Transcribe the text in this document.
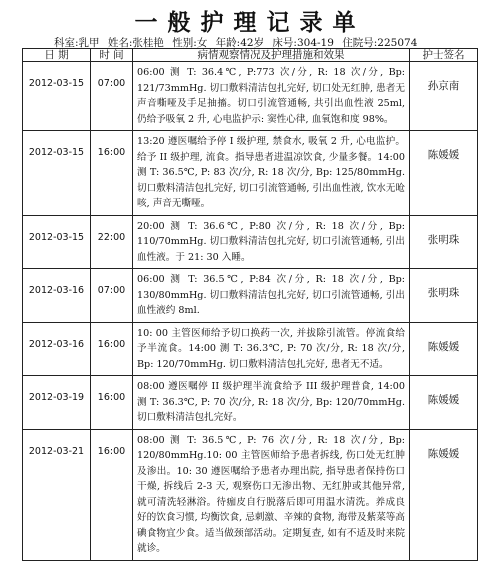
一般护理记录单
科室:乳甲 姓名:张桂艳 性别:女 年龄:42岁 床号:304-19 住院号:225074
日 期	时 间	病情观察情况及护理措施和效果	护士签名
2012-03-15	07:00	06:00 测 T: 36.4℃, P:773 次/分, R: 18 次/分, Bp: 121/73mmHg. 切口敷料清洁包扎完好, 切口处无红肿, 患者无声音嘶哑及手足抽搐。切口引流管通畅, 共引出血性液 25ml, 仍给予吸氧 2 升, 心电监护示: 窦性心律, 血氧饱和度 98%。	孙京南
2012-03-15	16:00	13:20 遵医嘱给予停 I 级护理, 禁食水, 吸氧 2 升, 心电监护。给予 II 级护理, 流食。指导患者进温凉饮食, 少量多餐。14:00 测 T: 36.5℃, P: 83 次/分, R: 18 次/分, Bp: 125/80mmHg. 切口敷料清洁包扎完好, 切口引流管通畅, 引出血性液, 饮水无呛咳, 声音无嘶哑。	陈媛媛
2012-03-15	22:00	20:00 测 T: 36.6℃, P:80 次/分, R: 18 次/分, Bp: 110/70mmHg. 切口敷料清洁包扎完好, 切口引流管通畅, 引出血性液。于 21: 30 入睡。	张明珠
2012-03-16	07:00	06:00 测 T: 36.5℃, P:84 次/分, R: 18 次/分, Bp: 130/80mmHg. 切口敷料清洁包扎完好, 切口引流管通畅, 引出血性液约 8ml.	张明珠
2012-03-16	16:00	10: 00 主管医师给予切口换药一次, 并拔除引流管。停流食给予半流食。14:00 测 T: 36.3℃, P: 70 次/分, R: 18 次/分, Bp: 120/70mmHg. 切口敷料清洁包扎完好, 患者无不适。	陈媛媛
2012-03-19	16:00	08:00 遵医嘱停 II 级护理半流食给予 III 级护理普食, 14:00 测 T: 36.3℃, P: 70 次/分, R: 18 次/分, Bp: 120/70mmHg. 切口敷料清洁包扎完好。	陈媛媛
2012-03-21	16:00	08:00 测 T: 36.5℃, P: 76 次/分, R: 18 次/分, Bp: 120/80mmHg.10: 00 主管医师给予患者拆线, 伤口处无红肿及渗出。10: 30 遵医嘱给予患者办理出院, 指导患者保持伤口干燥, 拆线后 2-3 天, 观察伤口无渗出物、无红肿或其他异常, 就可清洗轻淋浴。待痂皮自行脱落后即可用温水清洗。养成良好的饮食习惯, 均衡饮食, 忌刺激、辛辣的食物, 海带及紫菜等高碘食物宜少食。适当做颈部活动。定期复查, 如有不适及时来院就诊。	陈媛媛
